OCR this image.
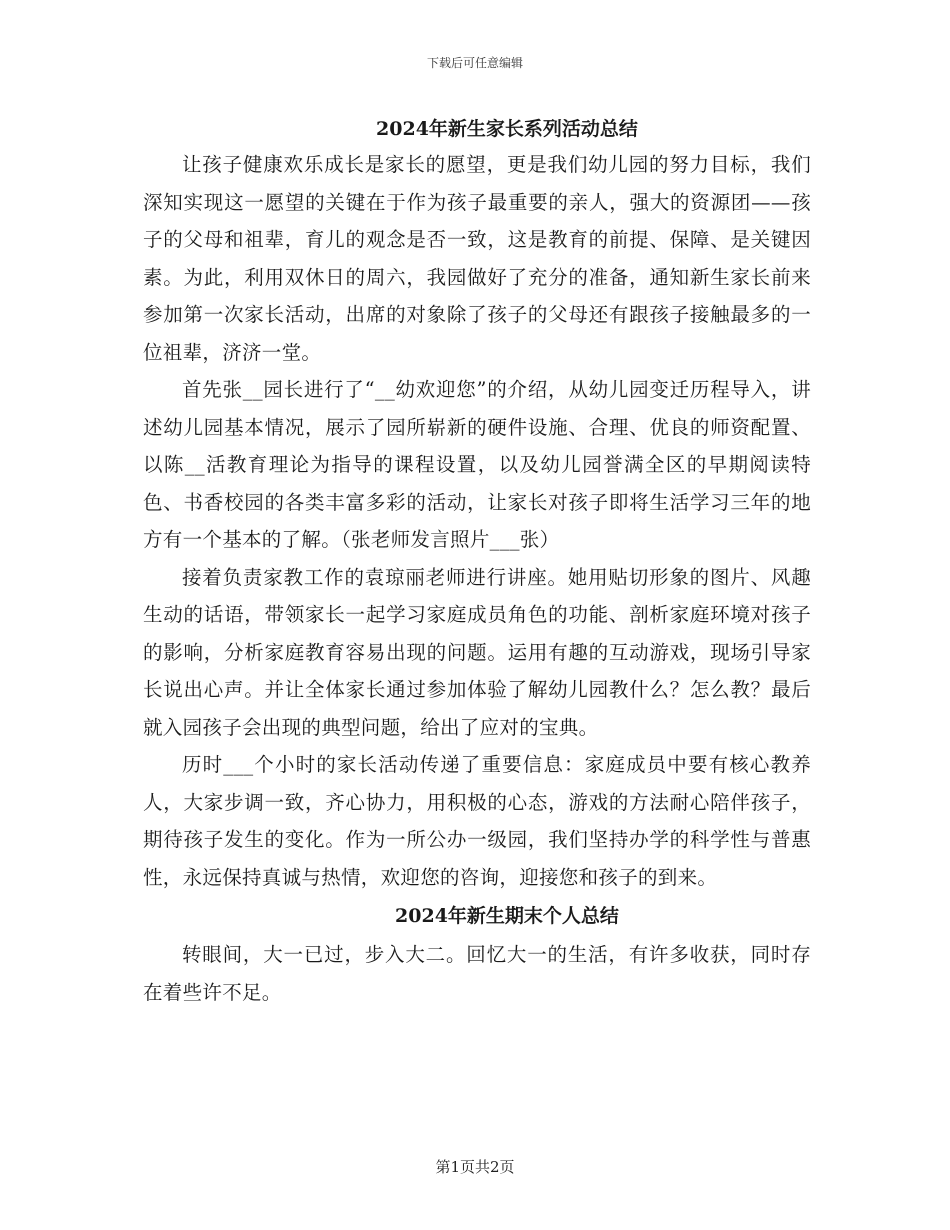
下载后可任意编辑
2024年新生家长系列活动总结

让孩子健康欢乐成长是家长的愿望，更是我们幼儿园的努力目标，我们深知实现这一愿望的关键在于作为孩子最重要的亲人，强大的资源团——孩子的父母和祖辈，育儿的观念是否一致，这是教育的前提、保障、是关键因素。为此，利用双休日的周六，我园做好了充分的准备，通知新生家长前来参加第一次家长活动，出席的对象除了孩子的父母还有跟孩子接触最多的一位祖辈，济济一堂。

首先张__园长进行了“__幼欢迎您”的介绍，从幼儿园变迁历程导入，讲述幼儿园基本情况，展示了园所崭新的硬件设施、合理、优良的师资配置、以陈__活教育理论为指导的课程设置，以及幼儿园誉满全区的早期阅读特色、书香校园的各类丰富多彩的活动，让家长对孩子即将生活学习三年的地方有一个基本的了解。（张老师发言照片___张）

接着负责家教工作的袁琼丽老师进行讲座。她用贴切形象的图片、风趣生动的话语，带领家长一起学习家庭成员角色的功能、剖析家庭环境对孩子的影响，分析家庭教育容易出现的问题。运用有趣的互动游戏，现场引导家长说出心声。并让全体家长通过参加体验了解幼儿园教什么？怎么教？最后就入园孩子会出现的典型问题，给出了应对的宝典。

历时___个小时的家长活动传递了重要信息：家庭成员中要有核心教养人，大家步调一致，齐心协力，用积极的心态，游戏的方法耐心陪伴孩子，期待孩子发生的变化。作为一所公办一级园，我们坚持办学的科学性与普惠性，永远保持真诚与热情，欢迎您的咨询，迎接您和孩子的到来。

2024年新生期末个人总结

转眼间，大一已过，步入大二。回忆大一的生活，有许多收获，同时存在着些许不足。

第1页共2页
